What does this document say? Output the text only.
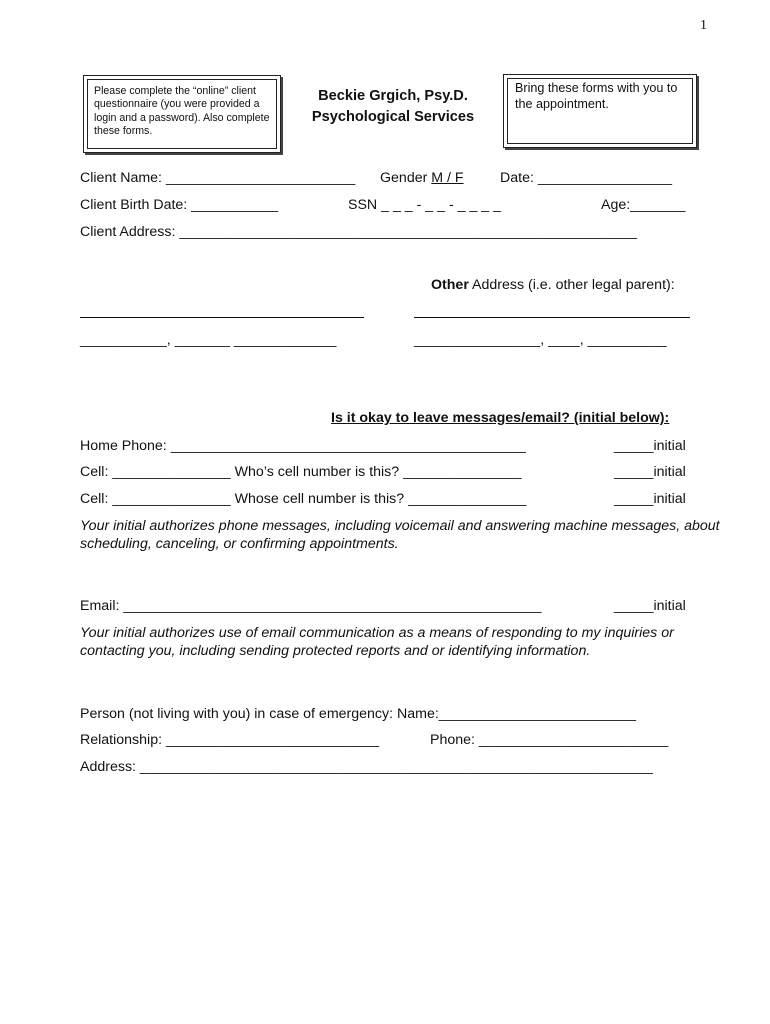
1
Please complete the “online” client questionnaire (you were provided a login and a password). Also complete these forms.
Beckie Grgich, Psy.D.
Psychological Services
Bring these forms with you to the appointment.
Client Name: ________________________ Gender M / F	Date: _________________
Client Birth Date: ___________	SSN _ _ _ - _ _ - _ _ _ _	Age:_______
Client Address: __________________________________________________________
Other Address (i.e. other legal parent):
___________, _______ _____________	________________, ____, __________
Is it okay to leave messages/email? (initial below):
Home Phone: _____________________________________________	_____initial
Cell: _______________ Who’s cell number is this? _______________	_____initial
Cell: _______________ Whose cell number is this? _______________	_____initial
Your initial authorizes phone messages, including voicemail and answering machine messages, about scheduling, canceling, or confirming appointments.
Email: _____________________________________________________	_____initial
Your initial authorizes use of email communication as a means of responding to my inquiries or contacting you, including sending protected reports and or identifying information.
Person (not living with you) in case of emergency: Name:_________________________
Relationship: ___________________________	Phone: ________________________
Address: _________________________________________________________________
